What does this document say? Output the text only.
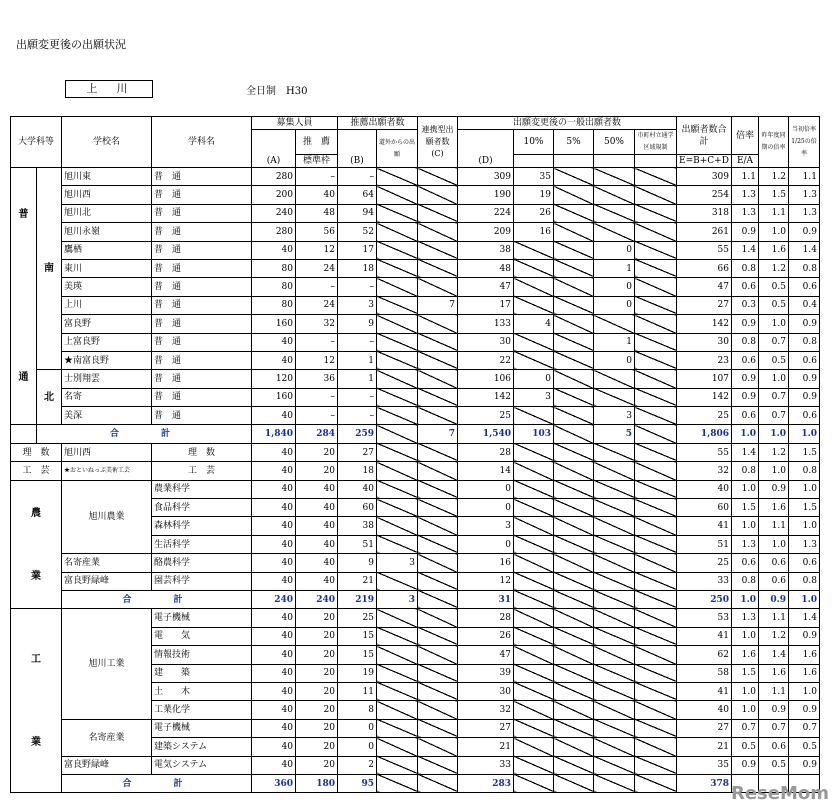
出願変更後の出願状況
上　川	全日制　H30
大学科等		学校名	学科名	募集人員		推薦出願者数		連携型出願者数(C)	出願変更後の一般出願者数					出願者数合計	倍率	昨年度同期の倍率	当初倍率1/25の倍率
				(A)	推　薦	(B)	道外からの出願		(D)	10%	5%	50%	市町村立通学区域規制				
					標準枠									E=B+C+D	E/A		

普
通	南	旭川東	普　通	280	–	–			309	35				309	1.1	1.2	1.1
		旭川西	普　通	200	40	64			190	19				254	1.3	1.5	1.3
		旭川北	普　通	240	48	94			224	26				318	1.3	1.1	1.3
		旭川永嶺	普　通	280	56	52			209	16				261	0.9	1.0	0.9
		鷹栖	普　通	40	12	17			38			0		55	1.4	1.6	1.4
		東川	普　通	80	24	18			48			1		66	0.8	1.2	0.8
		美瑛	普　通	80	–	–			47			0		47	0.6	0.5	0.6
		上川	普　通	80	24	3		7	17			0		27	0.3	0.5	0.4
		富良野	普　通	160	32	9			133	4				142	0.9	1.0	0.9
		上富良野	普　通	40	–	–			30			1		30	0.8	0.7	0.8
		★南富良野	普　通	40	12	1			22			0		23	0.6	0.5	0.6
	北	士別翔雲	普　通	120	36	1			106	0				107	0.9	1.0	0.9
		名寄	普　通	160	–	–			142	3				142	0.9	0.7	0.9
		美深	普　通	40	–	–			25			3		25	0.6	0.7	0.6
	合　　計			1,840	284	259		7	1,540	103		5		1,806	1.0	1.0	1.0
理　数		旭川西	理　数	40	20	27			28					55	1.4	1.2	1.5
工　芸		★おといねっぷ美術工芸	工　芸	40	20	18			14					32	0.8	1.0	0.8

農
業		旭川農業	農業科学	40	40	40			0					40	1.0	0.9	1.0
			食品科学	40	40	60			0					60	1.5	1.6	1.5
			森林科学	40	40	38			3					41	1.0	1.1	1.0
			生活科学	40	40	51			0					51	1.3	1.0	1.3
		名寄産業	酪農科学	40	40	9	3		16					25	0.6	0.6	0.6
		富良野緑峰	園芸科学	40	40	21			12					33	0.8	0.6	0.8
		合　　計		240	240	219	3		31					250	1.0	0.9	1.0

工
業		旭川工業	電子機械	40	20	25			28					53	1.3	1.1	1.4
			電　　気	40	20	15			26					41	1.0	1.2	0.9
			情報技術	40	20	15			47					62	1.6	1.4	1.6
			建　　築	40	20	19			39					58	1.5	1.6	1.6
			土　　木	40	20	11			30					41	1.0	1.1	1.0
			工業化学	40	20	8			32					40	1.0	0.9	0.9
		名寄産業	電子機械	40	20	0			27					27	0.7	0.7	0.7
			建築システム	40	20	0			21					21	0.5	0.6	0.5
		富良野緑峰	電気システム	40	20	2			33					35	0.9	0.5	0.9
		合　　計		360	180	95			283					378			ReseMom
